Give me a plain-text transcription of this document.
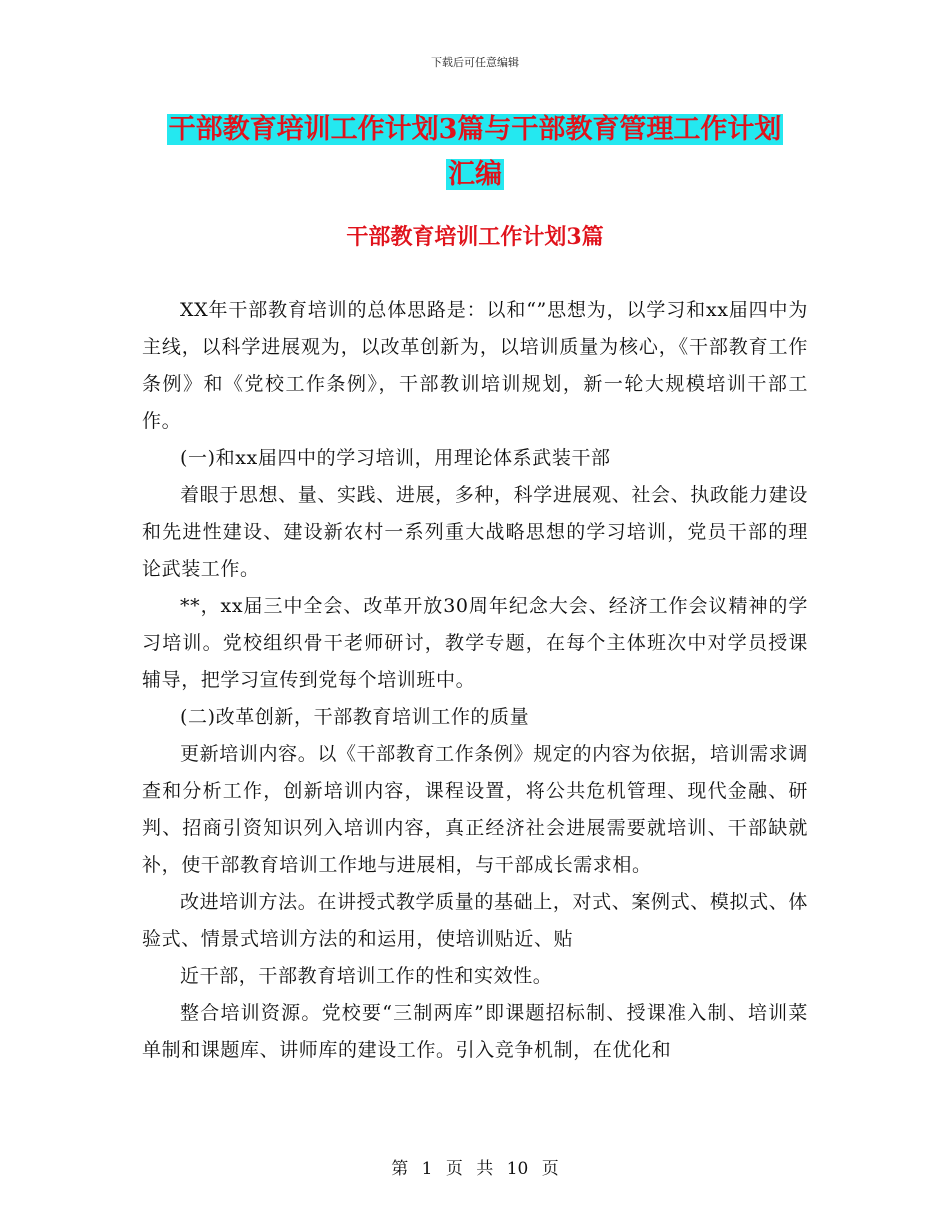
下载后可任意编辑
干部教育培训工作计划3篇与干部教育管理工作计划
汇编
干部教育培训工作计划3篇

XX年干部教育培训的总体思路是：以和“”思想为，以学习和xx届四中为主线，以科学进展观为，以改革创新为，以培训质量为核心，《干部教育工作条例》和《党校工作条例》，干部教训培训规划，新一轮大规模培训干部工作。

(一)和xx届四中的学习培训，用理论体系武装干部

着眼于思想、量、实践、进展，多种，科学进展观、社会、执政能力建设和先进性建设、建设新农村一系列重大战略思想的学习培训，党员干部的理论武装工作。

**，xx届三中全会、改革开放30周年纪念大会、经济工作会议精神的学习培训。党校组织骨干老师研讨，教学专题，在每个主体班次中对学员授课辅导，把学习宣传到党每个培训班中。

(二)改革创新，干部教育培训工作的质量

更新培训内容。以《干部教育工作条例》规定的内容为依据，培训需求调查和分析工作，创新培训内容，课程设置，将公共危机管理、现代金融、研判、招商引资知识列入培训内容，真正经济社会进展需要就培训、干部缺就补，使干部教育培训工作地与进展相，与干部成长需求相。

改进培训方法。在讲授式教学质量的基础上，对式、案例式、模拟式、体验式、情景式培训方法的和运用，使培训贴近、贴

近干部，干部教育培训工作的性和实效性。

整合培训资源。党校要“三制两库”即课题招标制、授课准入制、培训菜单制和课题库、讲师库的建设工作。引入竞争机制，在优化和

第 1 页 共 10 页
